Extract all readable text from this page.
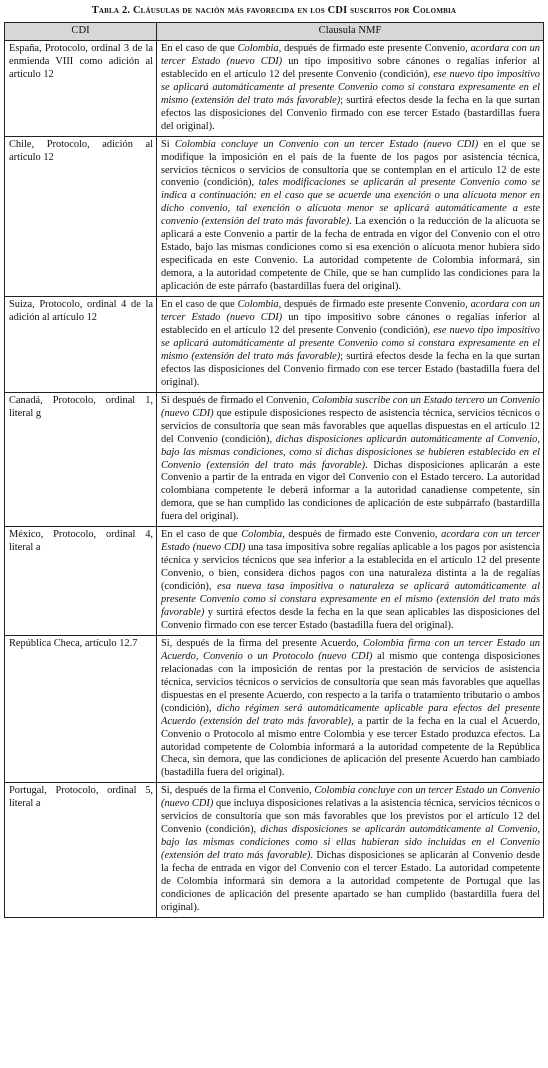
Tabla 2. Cláusulas de nación más favorecida en los CDI suscritos por Colombia
CDI	Clausula NMF
España, Protocolo, ordinal 3 de la enmienda VIII como adición al artículo 12	En el caso de que Colombia, después de firmado este presente Convenio, acordara con un tercer Estado (nuevo CDI) un tipo impositivo sobre cánones o regalías inferior al establecido en el artículo 12 del presente Convenio (condición), ese nuevo tipo impositivo se aplicará automáticamente al presente Convenio como si constara expresamente en el mismo (extensión del trato más favorable); surtirá efectos desde la fecha en la que surtan efectos las disposiciones del Convenio firmado con ese tercer Estado (bastardillas fuera del original).
Chile, Protocolo, adición al artículo 12	Si Colombia concluye un Convenio con un tercer Estado (nuevo CDI) en el que se modifique la imposición en el país de la fuente de los pagos por asistencia técnica, servicios técnicos o servicios de consultoría que se contemplan en el artículo 12 de este convenio (condición), tales modificaciones se aplicarán al presente Convenio como se indica a continuación: en el caso que se acuerde una exención o una alícuota menor en dicho convenio, tal exención o alícuota menor se aplicará automáticamente a este convenio (extensión del trato más favorable). La exención o la reducción de la alícuota se aplicará a este Convenio a partir de la fecha de entrada en vigor del Convenio con el otro Estado, bajo las mismas condiciones como si esa exención o alícuota menor hubiera sido especificada en este Convenio. La autoridad competente de Colombia informará, sin demora, a la autoridad competente de Chile, que se han cumplido las condiciones para la aplicación de este párrafo (bastardillas fuera del original).
Suiza, Protocolo, ordinal 4 de la adición al artículo 12	En el caso de que Colombia, después de firmado este presente Convenio, acordara con un tercer Estado (nuevo CDI) un tipo impositivo sobre cánones o regalías inferior al establecido en el artículo 12 del presente Convenio (condición), ese nuevo tipo impositivo se aplicará automáticamente al presente Convenio como si constara expresamente en el mismo (extensión del trato más favorable); surtirá efectos desde la fecha en la que surtan efectos las disposiciones del Convenio firmado con ese tercer Estado (bastadilla fuera del original).
Canadá, Protocolo, ordinal 1, literal g	Si después de firmado el Convenio, Colombia suscribe con un Estado tercero un Convenio (nuevo CDI) que estipule disposiciones respecto de asistencia técnica, servicios técnicos o servicios de consultoría que sean más favorables que aquellas dispuestas en el artículo 12 del Convenio (condición), dichas disposiciones aplicarán automáticamente al Convenio, bajo las mismas condiciones, como si dichas disposiciones se hubieren establecido en el Convenio (extensión del trato más favorable). Dichas disposiciones aplicarán a este Convenio a partir de la entrada en vigor del Convenio con el Estado tercero. La autoridad colombiana competente le deberá informar a la autoridad canadiense competente, sin demora, que se han cumplido las condiciones de aplicación de este subpárrafo (bastardilla fuera del original).
México, Protocolo, ordinal 4, literal a	En el caso de que Colombia, después de firmado este Convenio, acordara con un tercer Estado (nuevo CDI) una tasa impositiva sobre regalías aplicable a los pagos por asistencia técnica y servicios técnicos que sea inferior a la establecida en el artículo 12 del presente Convenio, o bien, considera dichos pagos con una naturaleza distinta a la de regalías (condición), esa nueva tasa impositiva o naturaleza se aplicará automáticamente al presente Convenio como si constara expresamente en el mismo (extensión del trato más favorable) y surtirá efectos desde la fecha en la que sean aplicables las disposiciones del Convenio firmado con ese tercer Estado (bastadilla fuera del original).
República Checa, artículo 12.7	Si, después de la firma del presente Acuerdo, Colombia firma con un tercer Estado un Acuerdo, Convenio o un Protocolo (nuevo CDI) al mismo que contenga disposiciones relacionadas con la imposición de rentas por la prestación de servicios de asistencia técnica, servicios técnicos o servicios de consultoría que sean más favorables que aquellas dispuestas en el presente Acuerdo, con respecto a la tarifa o tratamiento tributario o ambos (condición), dicho régimen será automáticamente aplicable para efectos del presente Acuerdo (extensión del trato más favorable), a partir de la fecha en la cual el Acuerdo, Convenio o Protocolo al mismo entre Colombia y ese tercer Estado produzca efectos. La autoridad competente de Colombia informará a la autoridad competente de la República Checa, sin demora, que las condiciones de aplicación del presente Acuerdo han cambiado (bastadilla fuera del original).
Portugal, Protocolo, ordinal 5, literal a	Si, después de la firma el Convenio, Colombia concluye con un tercer Estado un Convenio (nuevo CDI) que incluya disposiciones relativas a la asistencia técnica, servicios técnicos o servicios de consultoría que son más favorables que los previstos por el artículo 12 del Convenio (condición), dichas disposiciones se aplicarán automáticamente al Convenio, bajo las mismas condiciones como si ellas hubieran sido incluidas en el Convenio (extensión del trato más favorable). Dichas disposiciones se aplicarán al Convenio desde la fecha de entrada en vigor del Convenio con el tercer Estado. La autoridad competente de Colombia informará sin demora a la autoridad competente de Portugal que las condiciones de aplicación del presente apartado se han cumplido (bastardilla fuera del original).
